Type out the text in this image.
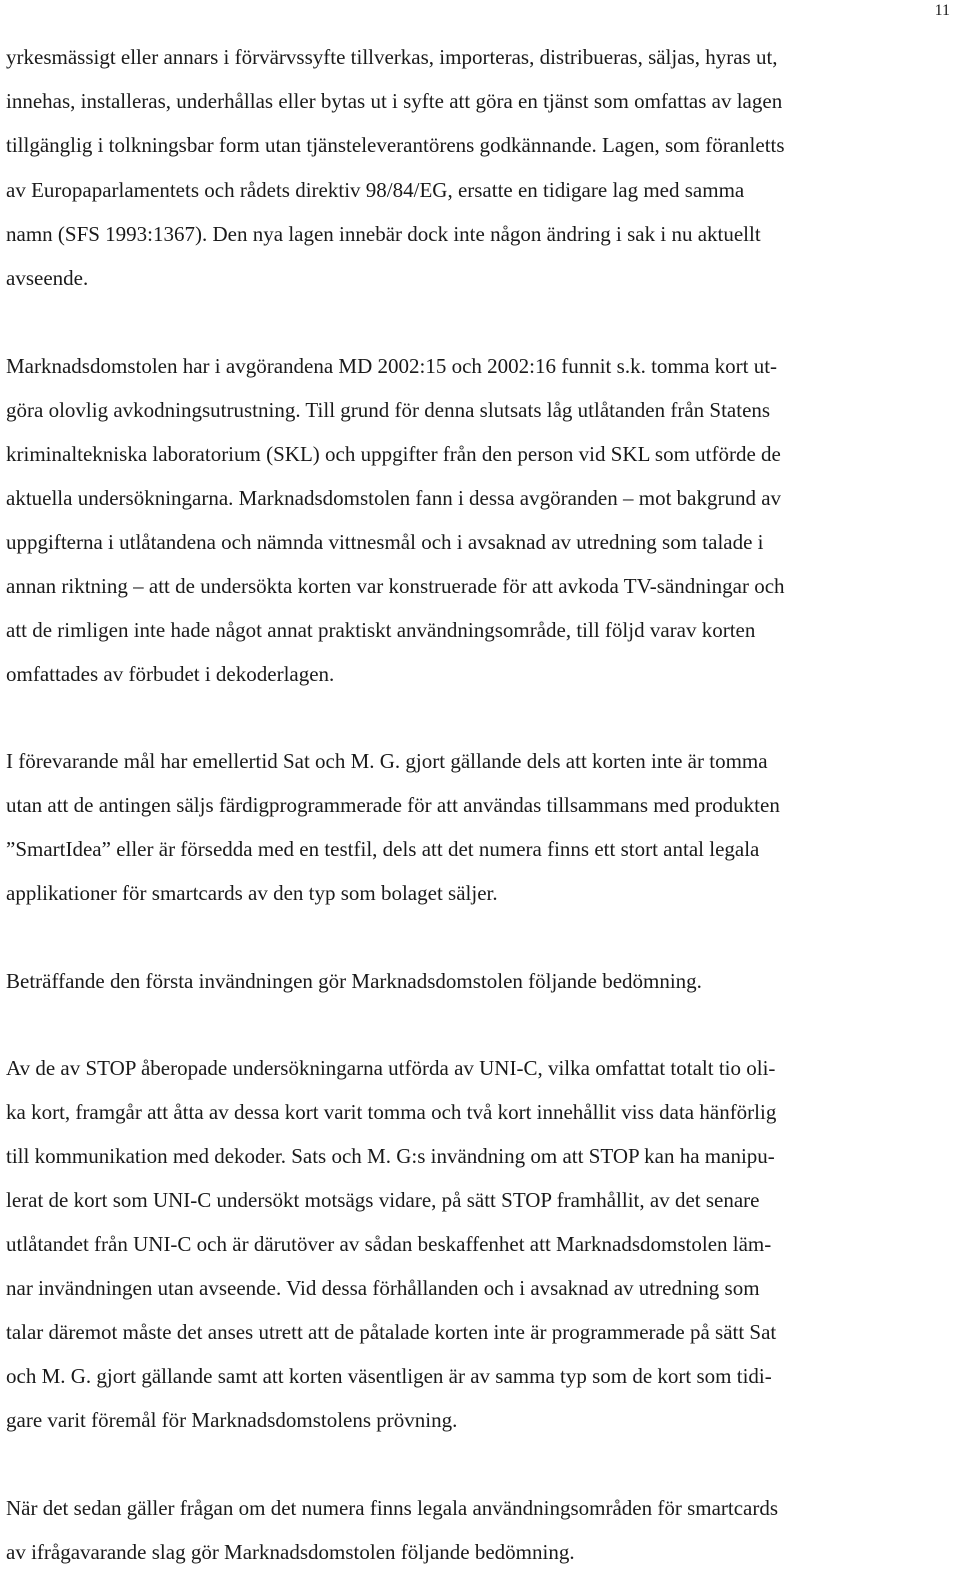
11
yrkesmässigt eller annars i förvärvssyfte tillverkas, importeras, distribueras, säljas, hyras ut,
innehas, installeras, underhållas eller bytas ut i syfte att göra en tjänst som omfattas av lagen
tillgänglig i tolkningsbar form utan tjänsteleverantörens godkännande. Lagen, som föranletts
av Europaparlamentets och rådets direktiv 98/84/EG, ersatte en tidigare lag med samma
namn (SFS 1993:1367). Den nya lagen innebär dock inte någon ändring i sak i nu aktuellt
avseende.
Marknadsdomstolen har i avgörandena MD 2002:15 och 2002:16 funnit s.k. tomma kort ut-
göra olovlig avkodningsutrustning. Till grund för denna slutsats låg utlåtanden från Statens
kriminaltekniska laboratorium (SKL) och uppgifter från den person vid SKL som utförde de
aktuella undersökningarna. Marknadsdomstolen fann i dessa avgöranden – mot bakgrund av
uppgifterna i utlåtandena och nämnda vittnesmål och i avsaknad av utredning som talade i
annan riktning – att de undersökta korten var konstruerade för att avkoda TV-sändningar och
att de rimligen inte hade något annat praktiskt användningsområde, till följd varav korten
omfattades av förbudet i dekoderlagen.
I förevarande mål har emellertid Sat och M. G. gjort gällande dels att korten inte är tomma
utan att de antingen säljs färdigprogrammerade för att användas tillsammans med produkten
”SmartIdea” eller är försedda med en testfil, dels att det numera finns ett stort antal legala
applikationer för smartcards av den typ som bolaget säljer.
Beträffande den första invändningen gör Marknadsdomstolen följande bedömning.
Av de av STOP åberopade undersökningarna utförda av UNI-C, vilka omfattat totalt tio oli-
ka kort, framgår att åtta av dessa kort varit tomma och två kort innehållit viss data hänförlig
till kommunikation med dekoder. Sats och M. G:s invändning om att STOP kan ha manipu-
lerat de kort som UNI-C undersökt motsägs vidare, på sätt STOP framhållit, av det senare
utlåtandet från UNI-C och är därutöver av sådan beskaffenhet att Marknadsdomstolen läm-
nar invändningen utan avseende. Vid dessa förhållanden och i avsaknad av utredning som
talar däremot måste det anses utrett att de påtalade korten inte är programmerade på sätt Sat
och M. G. gjort gällande samt att korten väsentligen är av samma typ som de kort som tidi-
gare varit föremål för Marknadsdomstolens prövning.
När det sedan gäller frågan om det numera finns legala användningsområden för smartcards
av ifrågavarande slag gör Marknadsdomstolen följande bedömning.
